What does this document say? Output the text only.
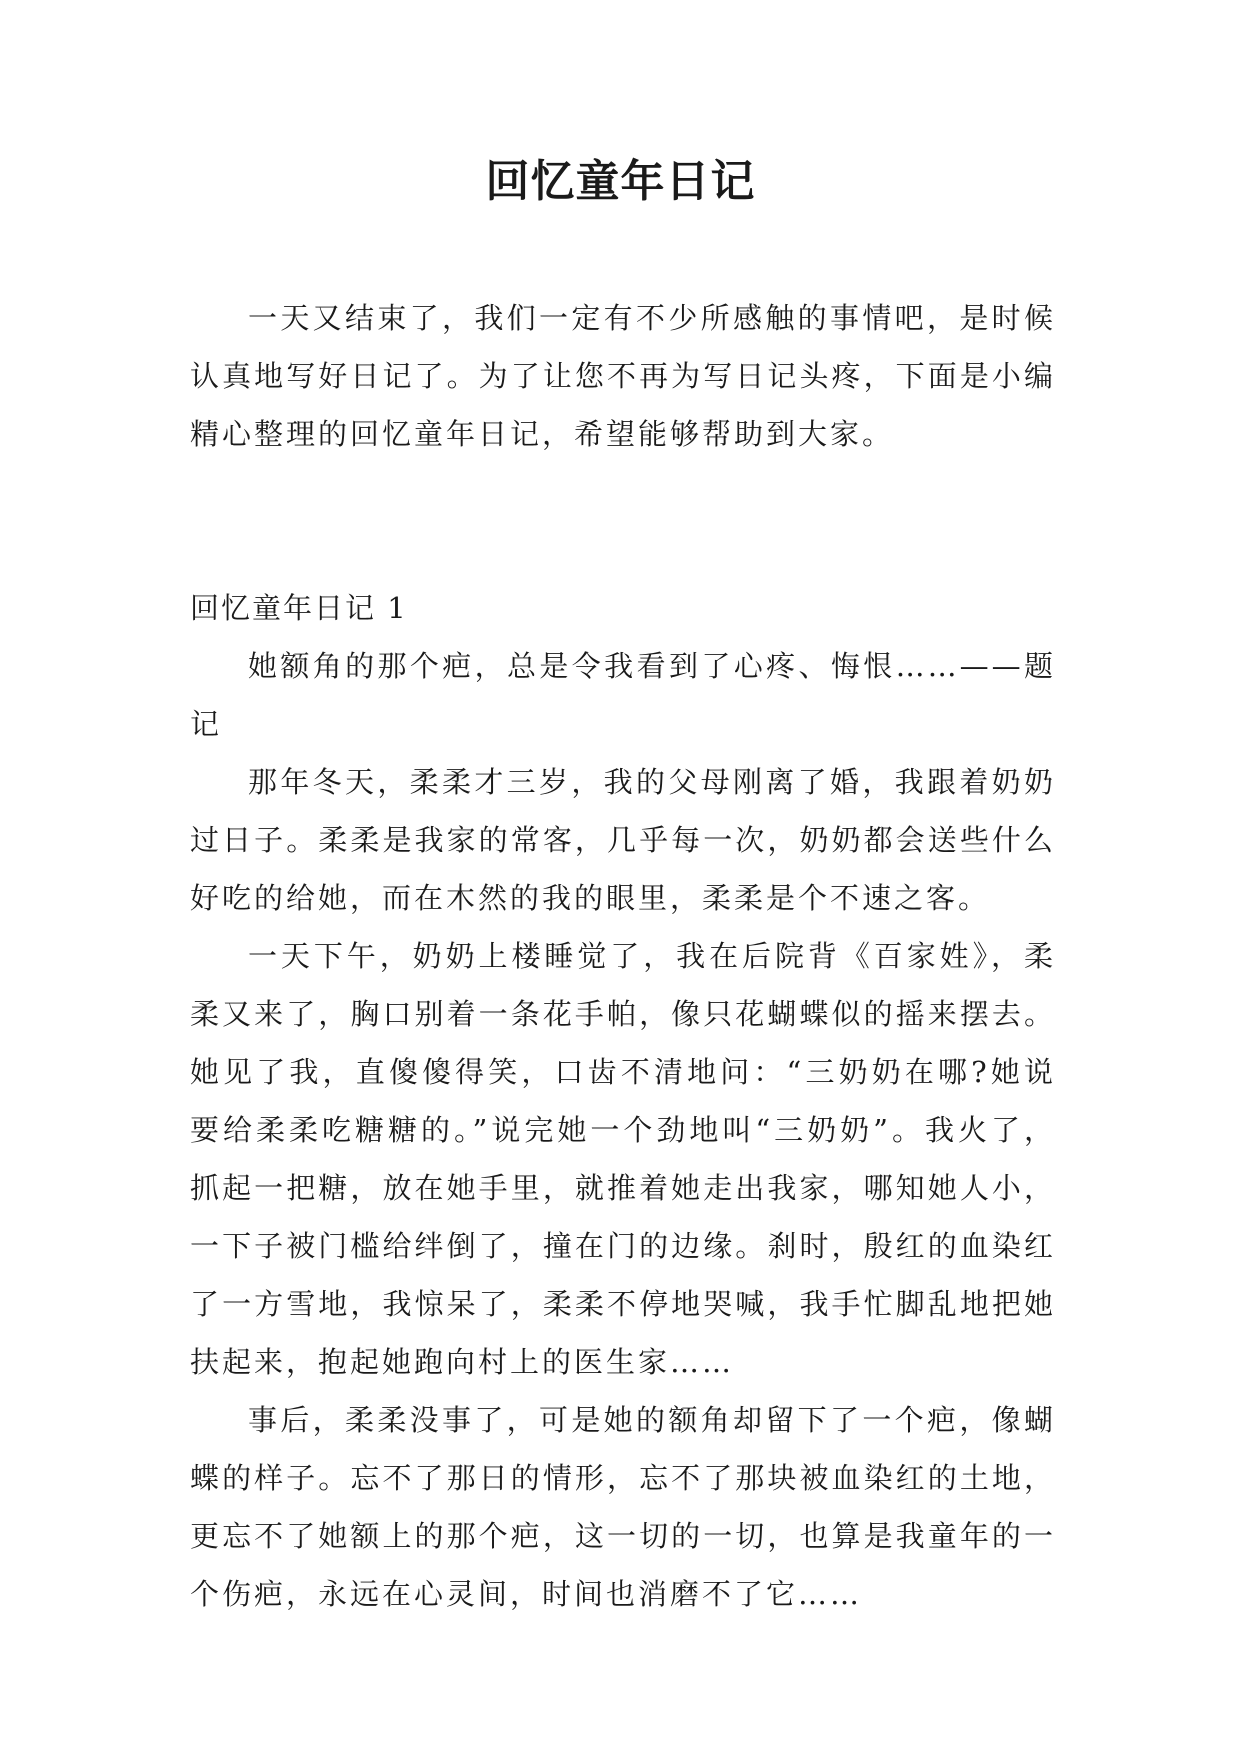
回忆童年日记

一天又结束了，我们一定有不少所感触的事情吧，是时候认真地写好日记了。为了让您不再为写日记头疼，下面是小编精心整理的回忆童年日记，希望能够帮助到大家。

回忆童年日记 1

她额角的那个疤，总是令我看到了心疼、悔恨……——题记

那年冬天，柔柔才三岁，我的父母刚离了婚，我跟着奶奶过日子。柔柔是我家的常客，几乎每一次，奶奶都会送些什么好吃的给她，而在木然的我的眼里，柔柔是个不速之客。

一天下午，奶奶上楼睡觉了，我在后院背《百家姓》，柔柔又来了，胸口别着一条花手帕，像只花蝴蝶似的摇来摆去。她见了我，直傻傻得笑，口齿不清地问：“三奶奶在哪?她说要给柔柔吃糖糖的。”说完她一个劲地叫“三奶奶”。我火了，抓起一把糖，放在她手里，就推着她走出我家，哪知她人小，一下子被门槛给绊倒了，撞在门的边缘。刹时，殷红的血染红了一方雪地，我惊呆了，柔柔不停地哭喊，我手忙脚乱地把她扶起来，抱起她跑向村上的医生家……

事后，柔柔没事了，可是她的额角却留下了一个疤，像蝴蝶的样子。忘不了那日的情形，忘不了那块被血染红的土地，更忘不了她额上的那个疤，这一切的一切，也算是我童年的一个伤疤，永远在心灵间，时间也消磨不了它……
